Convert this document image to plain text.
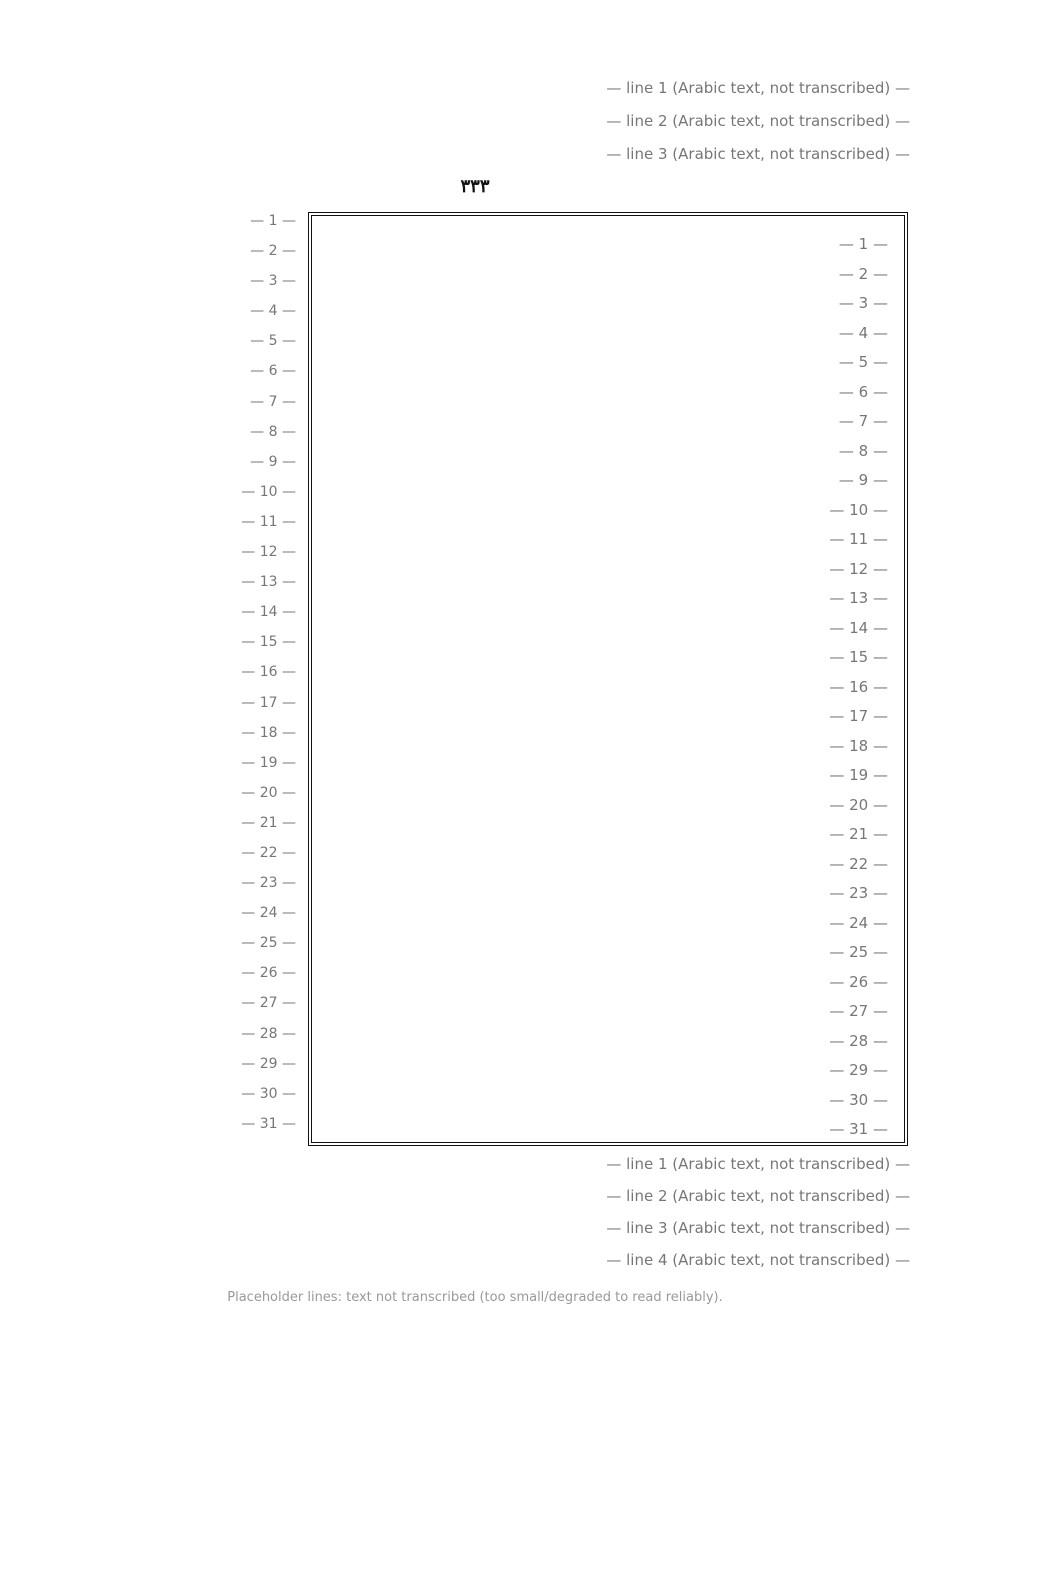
— line 1 (Arabic text, not transcribed) —
— line 2 (Arabic text, not transcribed) —
— line 3 (Arabic text, not transcribed) —
٣٣٣
— 1 —
— 2 —
— 3 —
— 4 —
— 5 —
— 6 —
— 7 —
— 8 —
— 9 —
— 10 —
— 11 —
— 12 —
— 13 —
— 14 —
— 15 —
— 16 —
— 17 —
— 18 —
— 19 —
— 20 —
— 21 —
— 22 —
— 23 —
— 24 —
— 25 —
— 26 —
— 27 —
— 28 —
— 29 —
— 30 —
— 31 —
— 1 —
— 2 —
— 3 —
— 4 —
— 5 —
— 6 —
— 7 —
— 8 —
— 9 —
— 10 —
— 11 —
— 12 —
— 13 —
— 14 —
— 15 —
— 16 —
— 17 —
— 18 —
— 19 —
— 20 —
— 21 —
— 22 —
— 23 —
— 24 —
— 25 —
— 26 —
— 27 —
— 28 —
— 29 —
— 30 —
— 31 —
— line 1 (Arabic text, not transcribed) —
— line 2 (Arabic text, not transcribed) —
— line 3 (Arabic text, not transcribed) —
— line 4 (Arabic text, not transcribed) —
Placeholder lines: text not transcribed (too small/degraded to read reliably).
